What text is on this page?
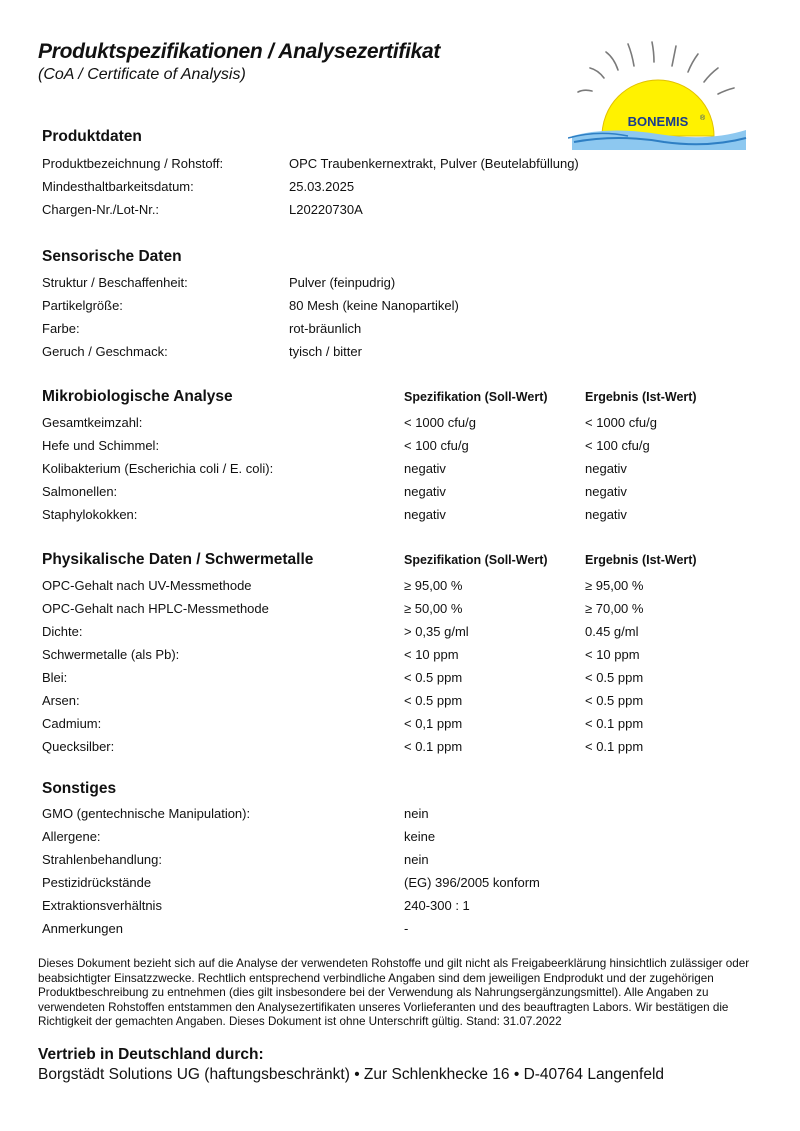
Produktspezifikationen / Analysezertifikat
(CoA / Certificate of Analysis)
BONEMIS ®
Produktdaten
Produktbezeichnung / Rohstoff:	OPC Traubenkernextrakt, Pulver (Beutelabfüllung)
Mindesthaltbarkeitsdatum:	25.03.2025
Chargen-Nr./Lot-Nr.:	L20220730A
Sensorische Daten
Struktur / Beschaffenheit:	Pulver (feinpudrig)
Partikelgröße:	80 Mesh (keine Nanopartikel)
Farbe:	rot-bräunlich
Geruch / Geschmack:	tyisch / bitter
Mikrobiologische Analyse	Spezifikation (Soll-Wert)	Ergebnis (Ist-Wert)
Gesamtkeimzahl:	< 1000 cfu/g	< 1000 cfu/g
Hefe und Schimmel:	< 100 cfu/g	< 100 cfu/g
Kolibakterium (Escherichia coli / E. coli):	negativ	negativ
Salmonellen:	negativ	negativ
Staphylokokken:	negativ	negativ
Physikalische Daten / Schwermetalle	Spezifikation (Soll-Wert)	Ergebnis (Ist-Wert)
OPC-Gehalt nach UV-Messmethode	≥ 95,00 %	≥ 95,00 %
OPC-Gehalt nach HPLC-Messmethode	≥ 50,00 %	≥ 70,00 %
Dichte:	> 0,35 g/ml	0.45 g/ml
Schwermetalle (als Pb):	< 10 ppm	< 10 ppm
Blei:	< 0.5 ppm	< 0.5 ppm
Arsen:	< 0.5 ppm	< 0.5 ppm
Cadmium:	< 0,1 ppm	< 0.1 ppm
Quecksilber:	< 0.1 ppm	< 0.1 ppm
Sonstiges
GMO (gentechnische Manipulation):	nein
Allergene:	keine
Strahlenbehandlung:	nein
Pestizidrückstände	(EG) 396/2005 konform
Extraktionsverhältnis	240-300 : 1
Anmerkungen	-
Dieses Dokument bezieht sich auf die Analyse der verwendeten Rohstoffe und gilt nicht als Freigabeerklärung hinsichtlich zulässiger oder beabsichtigter Einsatzzwecke. Rechtlich entsprechend verbindliche Angaben sind dem jeweiligen Endprodukt und der zugehörigen Produktbeschreibung zu entnehmen (dies gilt insbesondere bei der Verwendung als Nahrungsergänzungsmittel). Alle Angaben zu verwendeten Rohstoffen entstammen den Analysezertifikaten unseres Vorlieferanten und des beauftragten Labors. Wir bestätigen die Richtigkeit der gemachten Angaben. Dieses Dokument ist ohne Unterschrift gültig. Stand: 31.07.2022
Vertrieb in Deutschland durch:
Borgstädt Solutions UG (haftungsbeschränkt) • Zur Schlenkhecke 16 • D-40764 Langenfeld
